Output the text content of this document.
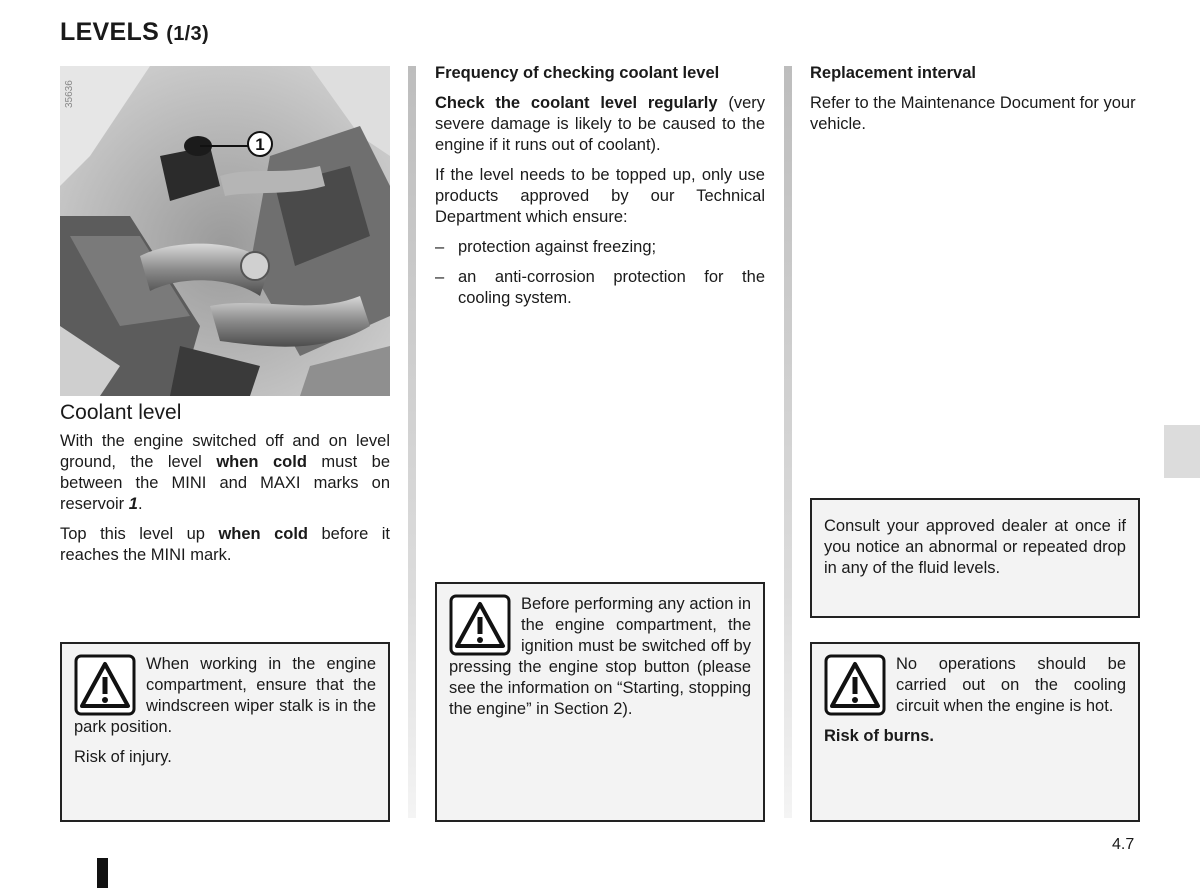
LEVELS (1/3)
1
35636
Coolant level

With the engine switched off and on level ground, the level when cold must be between the MINI and MAXI marks on reservoir 1.

Top this level up when cold before it reaches the MINI mark.

When working in the engine compartment, ensure that the windscreen wiper stalk is in the park position.

Risk of injury.

Frequency of checking coolant level

Check the coolant level regularly (very severe damage is likely to be caused to the engine if it runs out of coolant).

If the level needs to be topped up, only use products approved by our Technical Department which ensure:

– protection against freezing;
– an anti-corrosion protection for the cooling system.

Before performing any action in the engine compartment, the ignition must be switched off by pressing the engine stop button (please see the information on “Starting, stopping the engine” in Section 2).

Replacement interval

Refer to the Maintenance Document for your vehicle.

Consult your approved dealer at once if you notice an abnormal or repeated drop in any of the fluid levels.

No operations should be carried out on the cooling circuit when the engine is hot.

Risk of burns.

4.7
